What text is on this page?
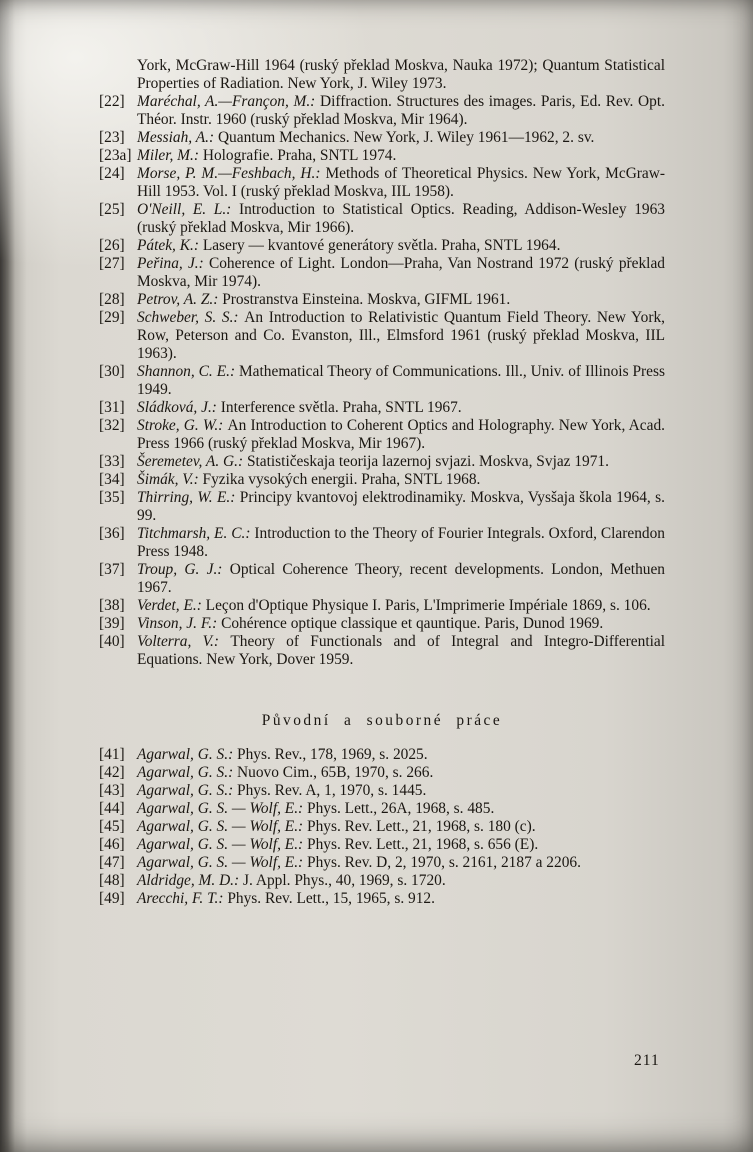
York, McGraw-Hill 1964 (ruský překlad Moskva, Nauka 1972); Quantum Statistical Properties of Radiation. New York, J. Wiley 1973.
[22] Maréchal, A.—Françon, M.: Diffraction. Structures des images. Paris, Ed. Rev. Opt. Théor. Instr. 1960 (ruský překlad Moskva, Mir 1964).
[23] Messiah, A.: Quantum Mechanics. New York, J. Wiley 1961—1962, 2. sv.
[23a] Miler, M.: Holografie. Praha, SNTL 1974.
[24] Morse, P. M.—Feshbach, H.: Methods of Theoretical Physics. New York, McGraw-Hill 1953. Vol. I (ruský překlad Moskva, IIL 1958).
[25] O'Neill, E. L.: Introduction to Statistical Optics. Reading, Addison-Wesley 1963 (ruský překlad Moskva, Mir 1966).
[26] Pátek, K.: Lasery — kvantové generátory světla. Praha, SNTL 1964.
[27] Peřina, J.: Coherence of Light. London—Praha, Van Nostrand 1972 (ruský překlad Moskva, Mir 1974).
[28] Petrov, A. Z.: Prostranstva Einsteina. Moskva, GIFML 1961.
[29] Schweber, S. S.: An Introduction to Relativistic Quantum Field Theory. New York, Row, Peterson and Co. Evanston, Ill., Elmsford 1961 (ruský překlad Moskva, IIL 1963).
[30] Shannon, C. E.: Mathematical Theory of Communications. Ill., Univ. of Illinois Press 1949.
[31] Sládková, J.: Interference světla. Praha, SNTL 1967.
[32] Stroke, G. W.: An Introduction to Coherent Optics and Holography. New York, Acad. Press 1966 (ruský překlad Moskva, Mir 1967).
[33] Šeremetev, A. G.: Statističeskaja teorija lazernoj svjazi. Moskva, Svjaz 1971.
[34] Šimák, V.: Fyzika vysokých energii. Praha, SNTL 1968.
[35] Thirring, W. E.: Principy kvantovoj elektrodinamiky. Moskva, Vysšaja škola 1964, s. 99.
[36] Titchmarsh, E. C.: Introduction to the Theory of Fourier Integrals. Oxford, Clarendon Press 1948.
[37] Troup, G. J.: Optical Coherence Theory, recent developments. London, Methuen 1967.
[38] Verdet, E.: Leçon d'Optique Physique I. Paris, L'Imprimerie Impériale 1869, s. 106.
[39] Vinson, J. F.: Cohérence optique classique et qauntique. Paris, Dunod 1969.
[40] Volterra, V.: Theory of Functionals and of Integral and Integro-Differential Equations. New York, Dover 1959.
Původní a souborné práce
[41] Agarwal, G. S.: Phys. Rev., 178, 1969, s. 2025.
[42] Agarwal, G. S.: Nuovo Cim., 65B, 1970, s. 266.
[43] Agarwal, G. S.: Phys. Rev. A, 1, 1970, s. 1445.
[44] Agarwal, G. S. — Wolf, E.: Phys. Lett., 26A, 1968, s. 485.
[45] Agarwal, G. S. — Wolf, E.: Phys. Rev. Lett., 21, 1968, s. 180 (c).
[46] Agarwal, G. S. — Wolf, E.: Phys. Rev. Lett., 21, 1968, s. 656 (E).
[47] Agarwal, G. S. — Wolf, E.: Phys. Rev. D, 2, 1970, s. 2161, 2187 a 2206.
[48] Aldridge, M. D.: J. Appl. Phys., 40, 1969, s. 1720.
[49] Arecchi, F. T.: Phys. Rev. Lett., 15, 1965, s. 912.
211
